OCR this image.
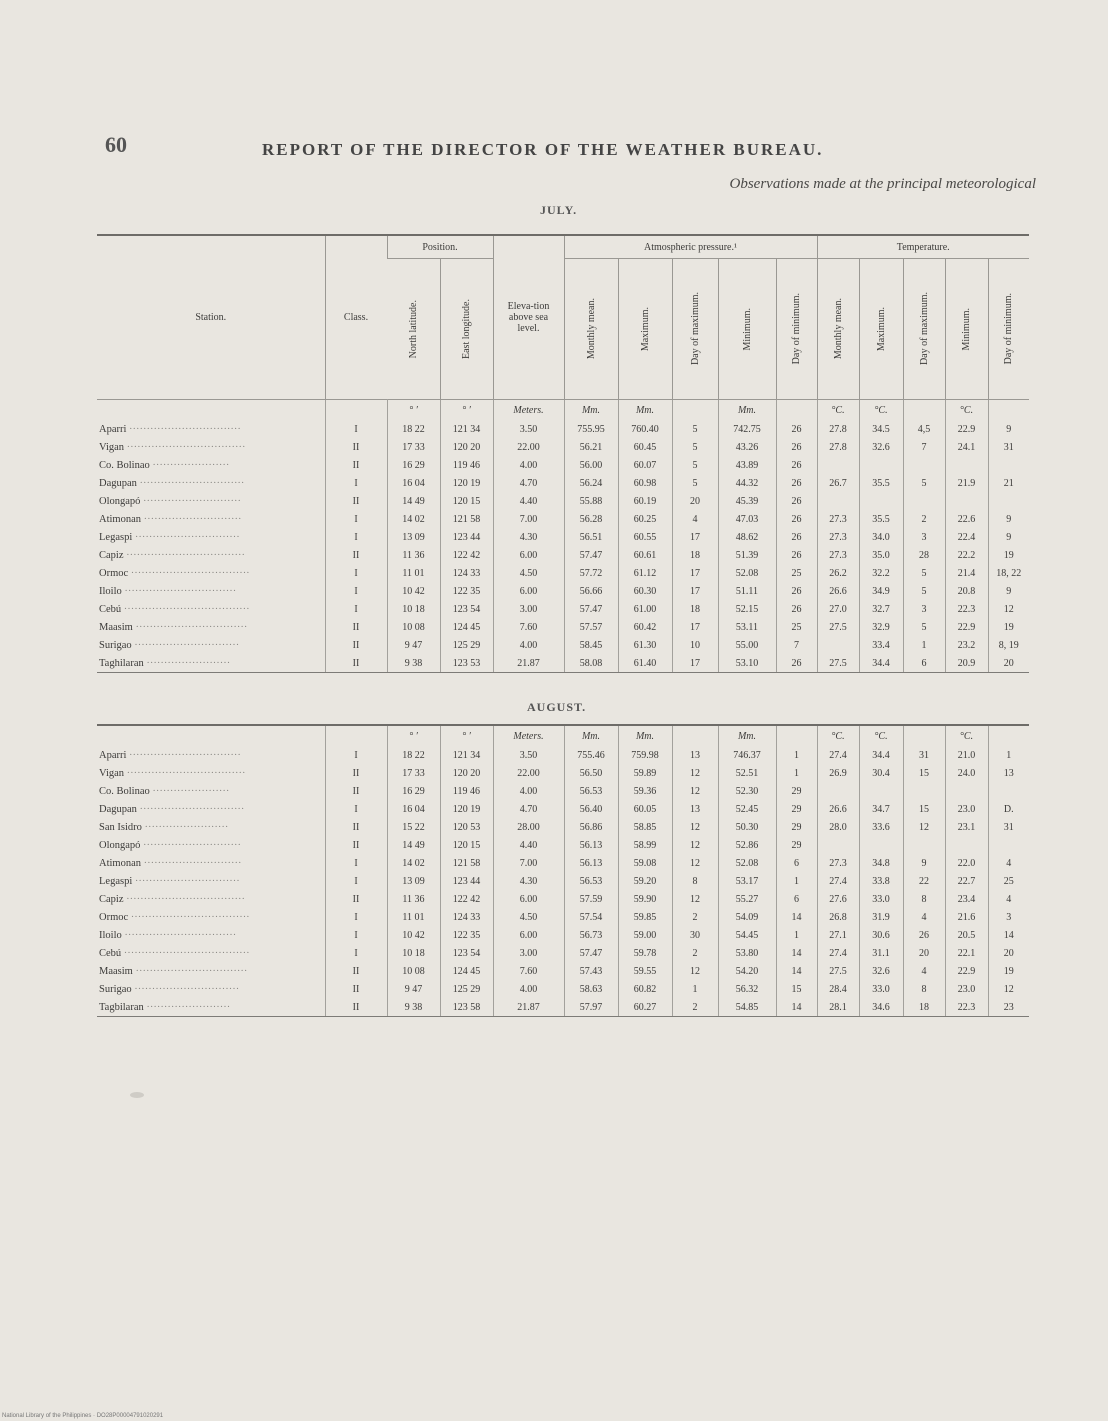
60	REPORT OF THE DIRECTOR OF THE WEATHER BUREAU.
Observations made at the principal meteorological
JULY.
Station.	Class.	Position.		Eleva-tion above sea level.	Atmospheric pressure.¹					Temperature.				

		North latitude.	East longitude.		Monthly mean.	Maximum.	Day of maximum.	Minimum.	Day of minimum.	Monthly mean.	Maximum.	Day of maximum.	Minimum.	Day of minimum.

		° ′	° ′	Meters.	Mm.	Mm.		Mm.		°C.	°C.		°C.	
Aparri ································	I	18 22	121 34	3.50	755.95	760.40	5	742.75	26	27.8	34.5	4,5	22.9	9
Vigan ··································	II	17 33	120 20	22.00	56.21	60.45	5	43.26	26	27.8	32.6	7	24.1	31
Co. Bolinao ······················	II	16 29	119 46	4.00	56.00	60.07	5	43.89	26					
Dagupan ······························	I	16 04	120 19	4.70	56.24	60.98	5	44.32	26	26.7	35.5	5	21.9	21
Olongapó ····························	II	14 49	120 15	4.40	55.88	60.19	20	45.39	26					
Atimonan ····························	I	14 02	121 58	7.00	56.28	60.25	4	47.03	26	27.3	35.5	2	22.6	9
Legaspi ······························	I	13 09	123 44	4.30	56.51	60.55	17	48.62	26	27.3	34.0	3	22.4	9
Capiz ··································	II	11 36	122 42	6.00	57.47	60.61	18	51.39	26	27.3	35.0	28	22.2	19
Ormoc ··································	I	11 01	124 33	4.50	57.72	61.12	17	52.08	25	26.2	32.2	5	21.4	18, 22
Iloilo ································	I	10 42	122 35	6.00	56.66	60.30	17	51.11	26	26.6	34.9	5	20.8	9
Cebú ····································	I	10 18	123 54	3.00	57.47	61.00	18	52.15	26	27.0	32.7	3	22.3	12
Maasim ································	II	10 08	124 45	7.60	57.57	60.42	17	53.11	25	27.5	32.9	5	22.9	19
Surigao ······························	II	9 47	125 29	4.00	58.45	61.30	10	55.00	7		33.4	1	23.2	8, 19
Taghilaran ························	II	9 38	123 53	21.87	58.08	61.40	17	53.10	26	27.5	34.4	6	20.9	20
AUGUST.
		° ′	° ′	Meters.	Mm.	Mm.		Mm.		°C.	°C.		°C.	
Aparri ································	I	18 22	121 34	3.50	755.46	759.98	13	746.37	1	27.4	34.4	31	21.0	1
Vigan ··································	II	17 33	120 20	22.00	56.50	59.89	12	52.51	1	26.9	30.4	15	24.0	13
Co. Bolinao ······················	II	16 29	119 46	4.00	56.53	59.36	12	52.30	29					
Dagupan ······························	I	16 04	120 19	4.70	56.40	60.05	13	52.45	29	26.6	34.7	15	23.0	D.
San Isidro ························	II	15 22	120 53	28.00	56.86	58.85	12	50.30	29	28.0	33.6	12	23.1	31
Olongapó ····························	II	14 49	120 15	4.40	56.13	58.99	12	52.86	29					
Atimonan ····························	I	14 02	121 58	7.00	56.13	59.08	12	52.08	6	27.3	34.8	9	22.0	4
Legaspi ······························	I	13 09	123 44	4.30	56.53	59.20	8	53.17	1	27.4	33.8	22	22.7	25
Capiz ··································	II	11 36	122 42	6.00	57.59	59.90	12	55.27	6	27.6	33.0	8	23.4	4
Ormoc ··································	I	11 01	124 33	4.50	57.54	59.85	2	54.09	14	26.8	31.9	4	21.6	3
Iloilo ································	I	10 42	122 35	6.00	56.73	59.00	30	54.45	1	27.1	30.6	26	20.5	14
Cebú ····································	I	10 18	123 54	3.00	57.47	59.78	2	53.80	14	27.4	31.1	20	22.1	20
Maasim ································	II	10 08	124 45	7.60	57.43	59.55	12	54.20	14	27.5	32.6	4	22.9	19
Surigao ······························	II	9 47	125 29	4.00	58.63	60.82	1	56.32	15	28.4	33.0	8	23.0	12
Tagbilaran ························	II	9 38	123 58	21.87	57.97	60.27	2	54.85	14	28.1	34.6	18	22.3	23
National Library of the Philippines · DO28P00004791020291
